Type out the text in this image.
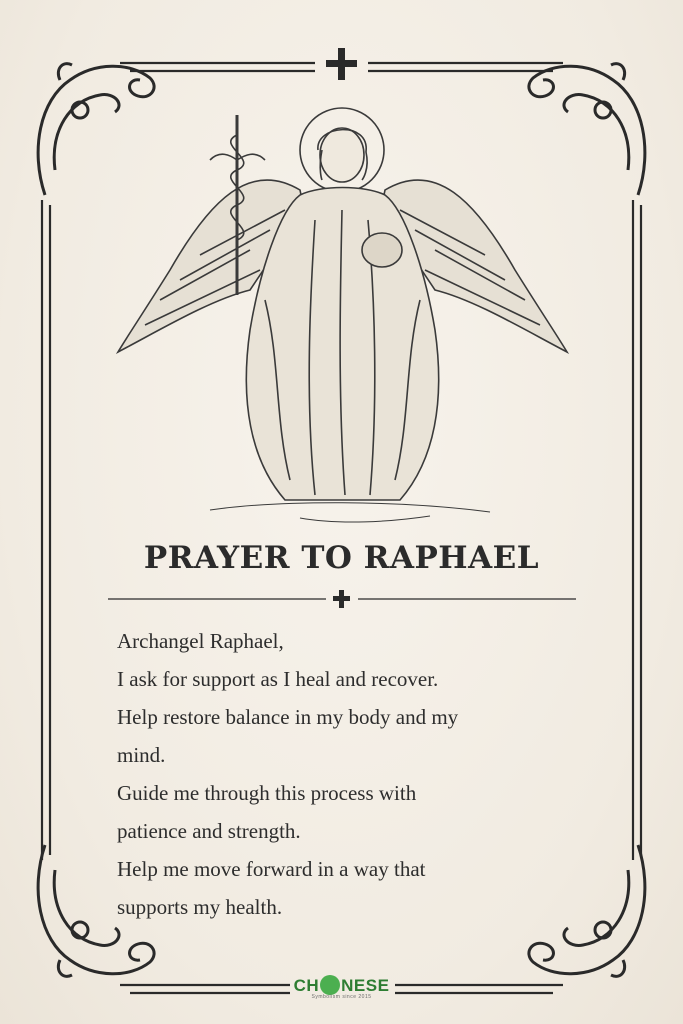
PRAYER TO RAPHAEL
Archangel Raphael,
I ask for support as I heal and recover.
Help restore balance in my body and my
mind.
Guide me through this process with
patience and strength.
Help me move forward in a way that
supports my health.
CH NESE
Symbolism since 2015
